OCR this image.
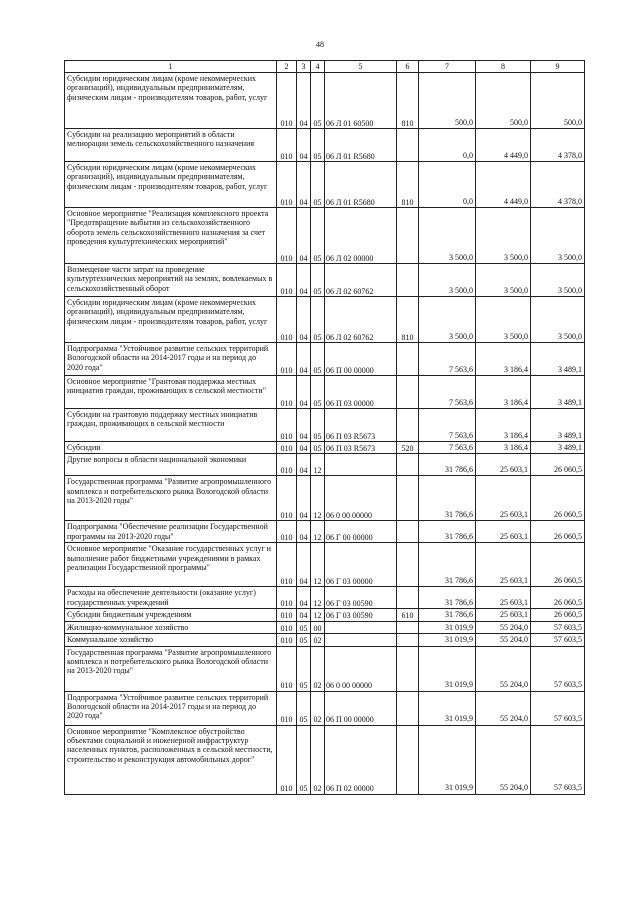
48
1	2	3	4	5	6	7	8	9
Субсидии юридическим лицам (кроме некоммерческих организаций), индивидуальным предпринимателям, физическим лицам - производителям товаров, работ, услуг	010	04	05	06 Л 01 60500	810	500,0	500,0	500,0
Субсидии на реализацию мероприятий в области мелиорации земель сельскохозяйственного назначения	010	04	05	06 Л 01 R5680		0,0	4 449,0	4 378,0
Субсидии юридическим лицам (кроме некоммерческих организаций), индивидуальным предпринимателям, физическим лицам - производителям товаров, работ, услуг	010	04	05	06 Л 01 R5680	810	0,0	4 449,0	4 378,0
Основное мероприятие "Реализация комплексного проекта "Предотвращение выбытия из сельскохозяйственного оборота земель сельскохозяйственного назначения за счет проведения культуртехнических мероприятий"	010	04	05	06 Л 02 00000		3 500,0	3 500,0	3 500,0
Возмещение части затрат на проведение культуртехнических мероприятий на землях, вовлекаемых в сельскохозяйственный оборот	010	04	05	06 Л 02 60762		3 500,0	3 500,0	3 500,0
Субсидии юридическим лицам (кроме некоммерческих организаций), индивидуальным предпринимателям, физическим лицам - производителям товаров, работ, услуг	010	04	05	06 Л 02 60762	810	3 500,0	3 500,0	3 500,0
Подпрограмма "Устойчивое развитие сельских территорий Вологодской области на 2014-2017 годы и на период до 2020 года"	010	04	05	06 П 00 00000		7 563,6	3 186,4	3 489,1
Основное мероприятие "Грантовая поддержка местных инициатив граждан, проживающих в сельской местности"	010	04	05	06 П 03 00000		7 563,6	3 186,4	3 489,1
Субсидии на грантовую поддержку местных инициатив граждан, проживающих в сельской местности	010	04	05	06 П 03 R5673		7 563,6	3 186,4	3 489,1
Субсидии	010	04	05	06 П 03 R5673	520	7 563,6	3 186,4	3 489,1
Другие вопросы в области национальной экономики	010	04	12			31 786,6	25 603,1	26 060,5
Государственная программа "Развитие агропромышленного комплекса и потребительского рынка Вологодской области на 2013-2020 годы"	010	04	12	06 0 00 00000		31 786,6	25 603,1	26 060,5
Подпрограмма "Обеспечение реализации Государственной программы на 2013-2020 годы"	010	04	12	06 Г 00 00000		31 786,6	25 603,1	26 060,5
Основное мероприятие "Оказание государственных услуг и выполнение работ бюджетными учреждениями в рамках реализации Государственной программы"	010	04	12	06 Г 03 00000		31 786,6	25 603,1	26 060,5
Расходы на обеспечение деятельности (оказание услуг) государственных учреждений	010	04	12	06 Г 03 00590		31 786,6	25 603,1	26 060,5
Субсидии бюджетным учреждениям	010	04	12	06 Г 03 00590	610	31 786,6	25 603,1	26 060,5
Жилищно-коммунальное хозяйство	010	05	00			31 019,9	55 204,0	57 603,5
Коммунальное хозяйство	010	05	02			31 019,9	55 204,0	57 603,5
Государственная программа "Развитие агропромышленного комплекса и потребительского рынка Вологодской области на 2013-2020 годы"	010	05	02	06 0 00 00000		31 019,9	55 204,0	57 603,5
Подпрограмма "Устойчивое развитие сельских территорий Вологодской области на 2014-2017 годы и на период до 2020 года"	010	05	02	06 П 00 00000		31 019,9	55 204,0	57 603,5
Основное мероприятие "Комплексное обустройство объектами социальной и инженерной инфраструктур населенных пунктов, расположенных в сельской местности, строительство и реконструкция автомобильных дорог"	010	05	02	06 П 02 00000		31 019,9	55 204,0	57 603,5
